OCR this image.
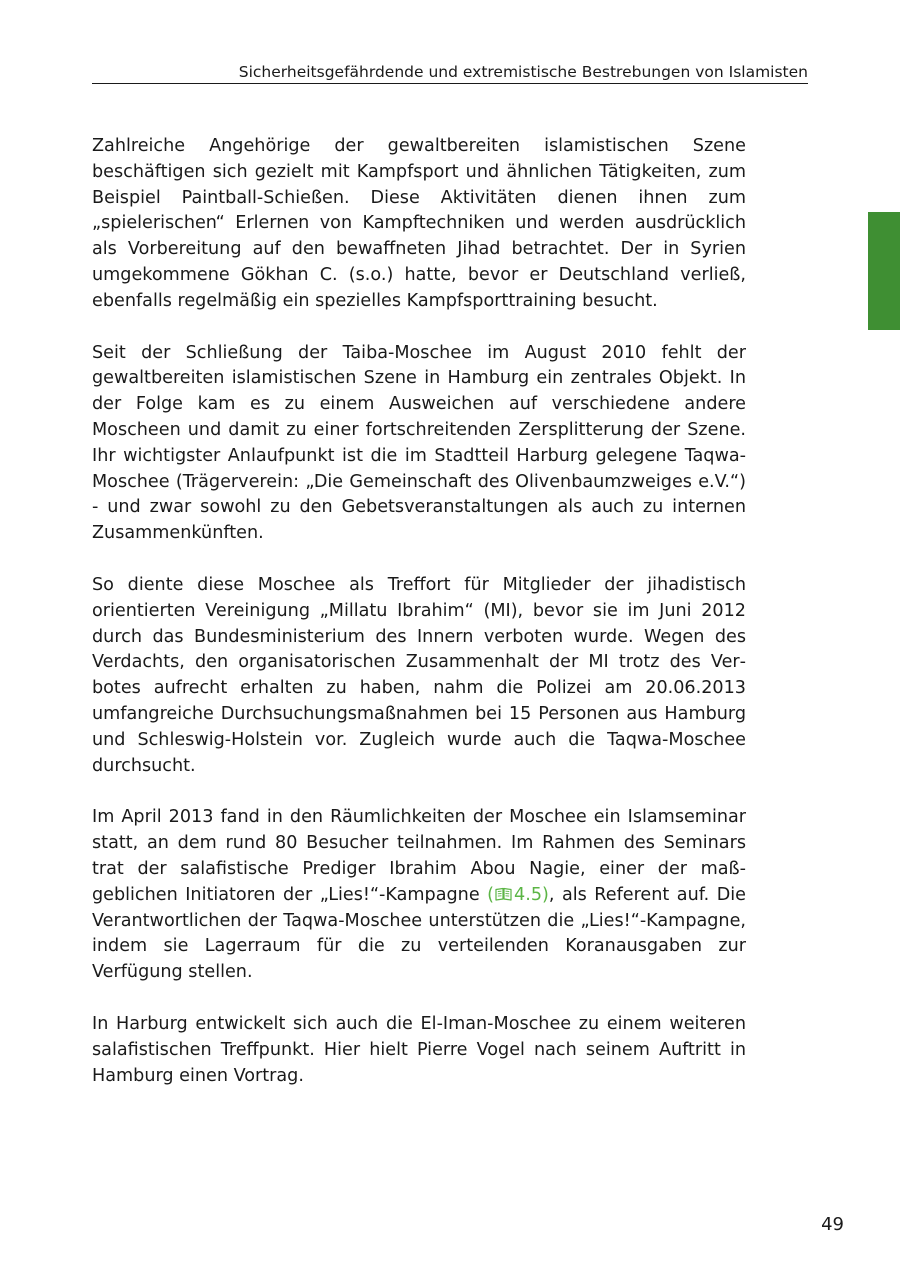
Sicherheitsgefährdende und extremistische Bestrebungen von Islamisten

Zahlreiche Angehörige der gewaltbereiten islamistischen Szene beschäftigen sich gezielt mit Kampfsport und ähnlichen Tätigkeiten, zum Beispiel Paintball-Schießen. Diese Aktivitäten dienen ihnen zum „spielerischen“ Erlernen von Kampftechniken und werden ausdrücklich als Vorbereitung auf den bewaffneten Jihad betrachtet. Der in Syrien umgekommene Gökhan C. (s.o.) hatte, bevor er Deutschland verließ, ebenfalls regelmäßig ein spezielles Kampfsporttraining besucht.

Seit der Schließung der Taiba-Moschee im August 2010 fehlt der gewaltbereiten islamistischen Szene in Hamburg ein zentrales Objekt. In der Folge kam es zu einem Ausweichen auf verschiedene andere Moscheen und damit zu einer fortschreitenden Zersplitterung der Szene. Ihr wichtigster Anlaufpunkt ist die im Stadtteil Harburg gelegene Taqwa-Moschee (Trägerverein: „Die Gemeinschaft des Olivenbaumzweiges e.V.“) - und zwar sowohl zu den Gebetsveranstaltungen als auch zu internen Zusammenkünften.

So diente diese Moschee als Treffort für Mitglieder der jihadistisch orientierten Vereinigung „Millatu Ibrahim“ (MI), bevor sie im Juni 2012 durch das Bundesministerium des Innern verboten wurde. Wegen des Verdachts, den organisatorischen Zusammenhalt der MI trotz des Verbotes aufrecht erhalten zu haben, nahm die Polizei am 20.06.2013 umfangreiche Durchsuchungsmaßnahmen bei 15 Personen aus Hamburg und Schleswig-Holstein vor. Zugleich wurde auch die Taqwa-Moschee durchsucht.

Im April 2013 fand in den Räumlichkeiten der Moschee ein Islamseminar statt, an dem rund 80 Besucher teilnahmen. Im Rahmen des Seminars trat der salafistische Prediger Ibrahim Abou Nagie, einer der maßgeblichen Initiatoren der „Lies!“-Kampagne ( 4.5), als Referent auf. Die Verantwortlichen der Taqwa-Moschee unterstützen die „Lies!“-Kampagne, indem sie Lagerraum für die zu verteilenden Koranausgaben zur Verfügung stellen.

In Harburg entwickelt sich auch die El-Iman-Moschee zu einem weiteren salafistischen Treffpunkt. Hier hielt Pierre Vogel nach seinem Auftritt in Hamburg einen Vortrag.

49
